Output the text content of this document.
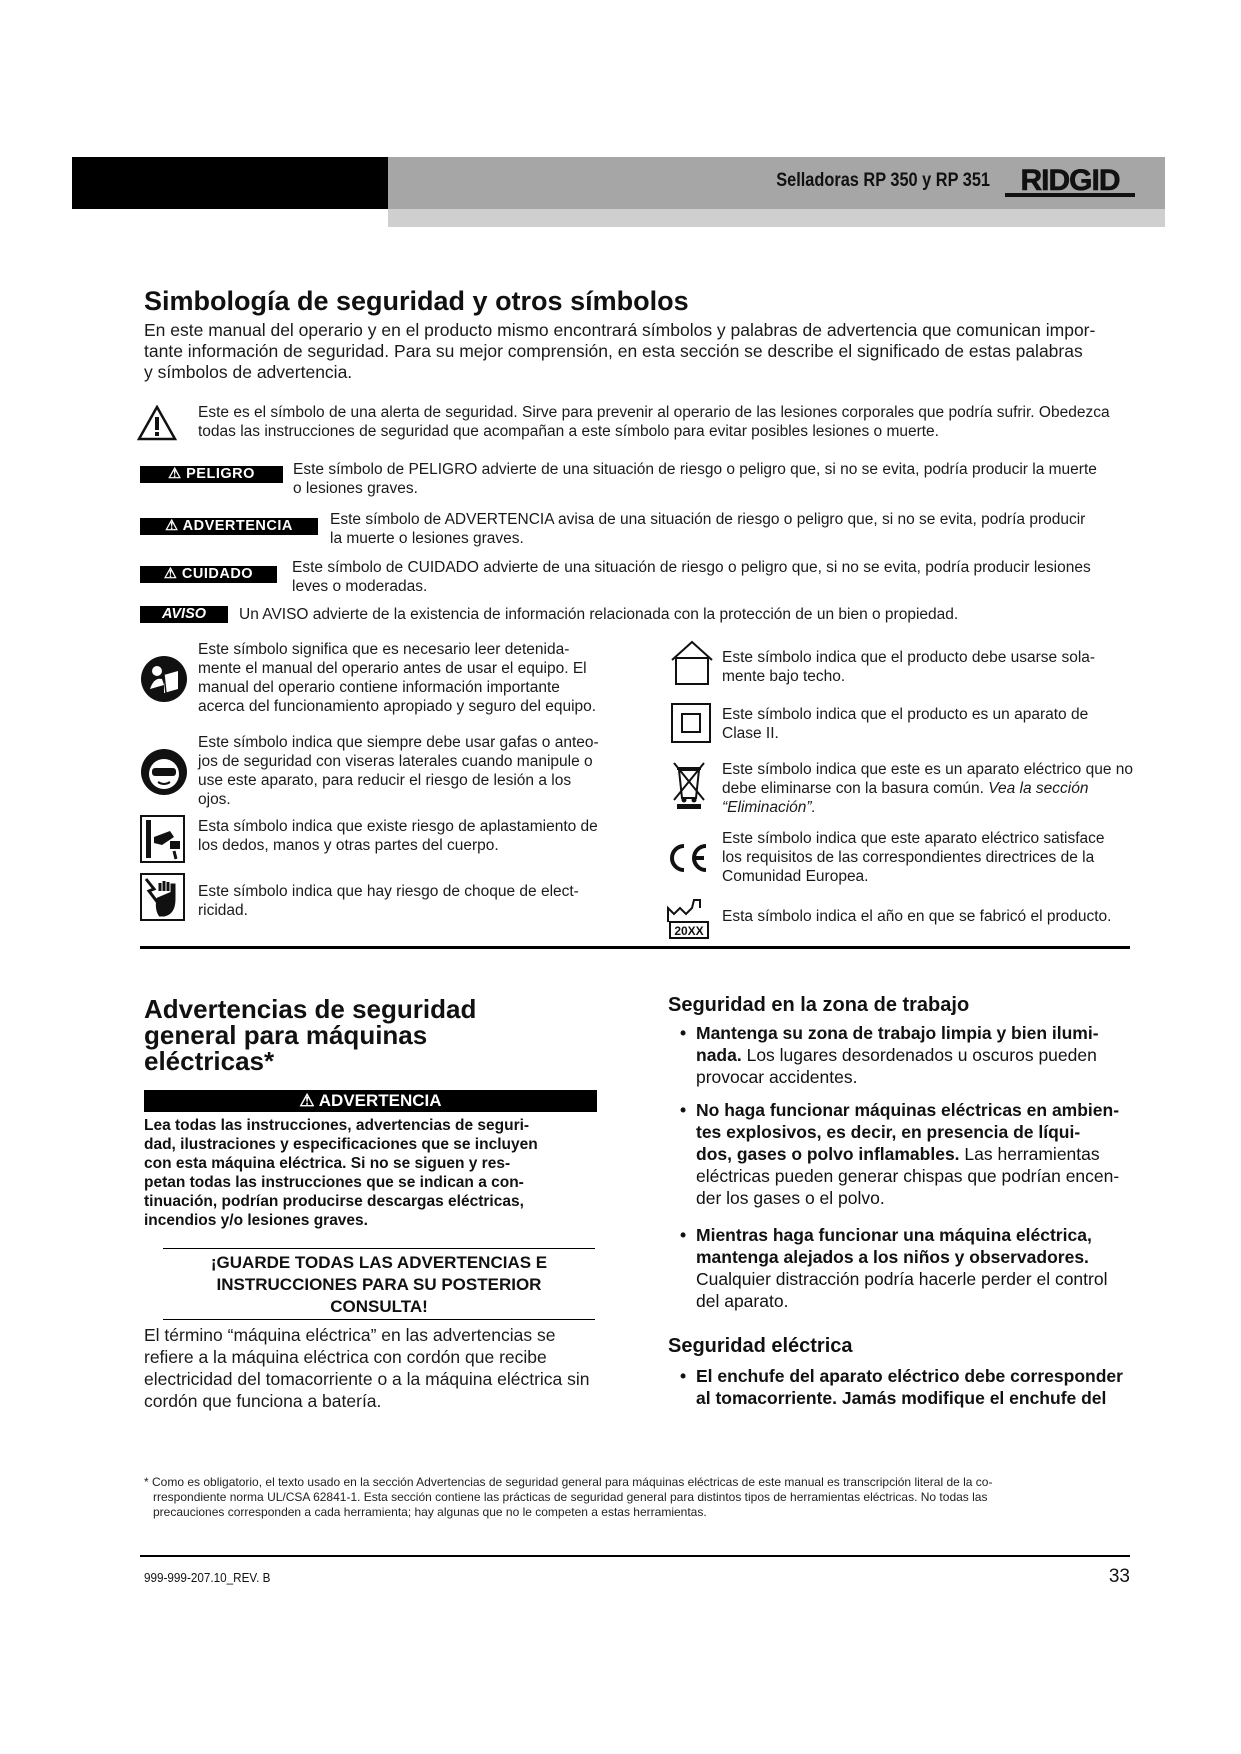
Selladoras RP 350 y RP 351 RIDGID
Simbología de seguridad y otros símbolos
En este manual del operario y en el producto mismo encontrará símbolos y palabras de advertencia que comunican impor-
tante información de seguridad. Para su mejor comprensión, en esta sección se describe el significado de estas palabras
y símbolos de advertencia.
Este es el símbolo de una alerta de seguridad. Sirve para prevenir al operario de las lesiones corporales que podría sufrir. Obedezca
todas las instrucciones de seguridad que acompañan a este símbolo para evitar posibles lesiones o muerte.
⚠ PELIGRO	Este símbolo de PELIGRO advierte de una situación de riesgo o peligro que, si no se evita, podría producir la muerte
o lesiones graves.
⚠ ADVERTENCIA	Este símbolo de ADVERTENCIA avisa de una situación de riesgo o peligro que, si no se evita, podría producir
la muerte o lesiones graves.
⚠ CUIDADO	Este símbolo de CUIDADO advierte de una situación de riesgo o peligro que, si no se evita, podría producir lesiones
leves o moderadas.
AVISO	Un AVISO advierte de la existencia de información relacionada con la protección de un bien o propiedad.
Este símbolo significa que es necesario leer detenida-
mente el manual del operario antes de usar el equipo. El
manual del operario contiene información importante
acerca del funcionamiento apropiado y seguro del equipo.
Este símbolo indica que siempre debe usar gafas o anteo-
jos de seguridad con viseras laterales cuando manipule o
use este aparato, para reducir el riesgo de lesión a los
ojos.
Esta símbolo indica que existe riesgo de aplastamiento de
los dedos, manos y otras partes del cuerpo.
Este símbolo indica que hay riesgo de choque de elect-
ricidad.
Este símbolo indica que el producto debe usarse sola-
mente bajo techo.
Este símbolo indica que el producto es un aparato de
Clase II.
Este símbolo indica que este es un aparato eléctrico que no
debe eliminarse con la basura común. Vea la sección
“Eliminación”.
Este símbolo indica que este aparato eléctrico satisface
los requisitos de las correspondientes directrices de la
Comunidad Europea.
20XX
Esta símbolo indica el año en que se fabricó el producto.
Advertencias de seguridad
general para máquinas
eléctricas*
⚠ ADVERTENCIA
Lea todas las instrucciones, advertencias de seguri-
dad, ilustraciones y especificaciones que se incluyen
con esta máquina eléctrica. Si no se siguen y res-
petan todas las instrucciones que se indican a con-
tinuación, podrían producirse descargas eléctricas,
incendios y/o lesiones graves.
¡GUARDE TODAS LAS ADVERTENCIAS E
INSTRUCCIONES PARA SU POSTERIOR
CONSULTA!
El término “máquina eléctrica” en las advertencias se
refiere a la máquina eléctrica con cordón que recibe
electricidad del tomacorriente o a la máquina eléctrica sin
cordón que funciona a batería.
Seguridad en la zona de trabajo
• Mantenga su zona de trabajo limpia y bien ilumi-
nada. Los lugares desordenados u oscuros pueden
provocar accidentes.
• No haga funcionar máquinas eléctricas en ambien-
tes explosivos, es decir, en presencia de líqui-
dos, gases o polvo inflamables. Las herramientas
eléctricas pueden generar chispas que podrían encen-
der los gases o el polvo.
• Mientras haga funcionar una máquina eléctrica,
mantenga alejados a los niños y observadores.
Cualquier distracción podría hacerle perder el control
del aparato.
Seguridad eléctrica
• El enchufe del aparato eléctrico debe corresponder
al tomacorriente. Jamás modifique el enchufe del
* Como es obligatorio, el texto usado en la sección Advertencias de seguridad general para máquinas eléctricas de este manual es transcripción literal de la co-
rrespondiente norma UL/CSA 62841-1. Esta sección contiene las prácticas de seguridad general para distintos tipos de herramientas eléctricas. No todas las
precauciones corresponden a cada herramienta; hay algunas que no le competen a estas herramientas.
999-999-207.10_REV. B	33
